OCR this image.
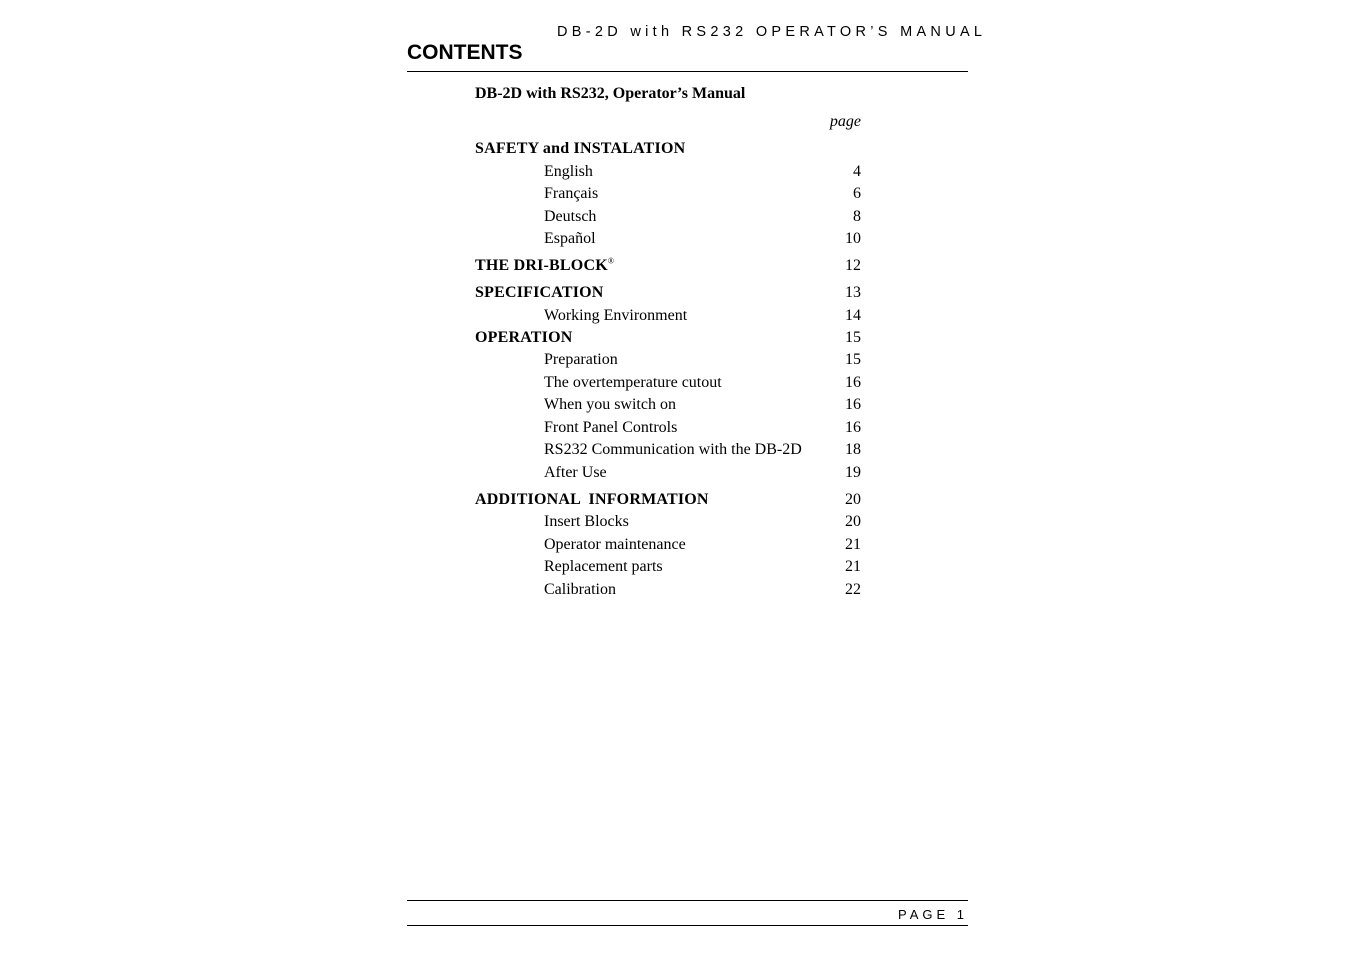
DB-2D with RS232 OPERATOR’S MANUAL
CONTENTS
DB-2D with RS232, Operator’s Manual
page
SAFETY and INSTALATION
English	4
Français	6
Deutsch	8
Español	10
THE DRI-BLOCK®	12
SPECIFICATION	13
Working Environment	14
OPERATION	15
Preparation	15
The overtemperature cutout	16
When you switch on	16
Front Panel Controls	16
RS232 Communication with the DB-2D	18
After Use	19
ADDITIONAL  INFORMATION	20
Insert Blocks	20
Operator maintenance	21
Replacement parts	21
Calibration	22
PAGE 1
